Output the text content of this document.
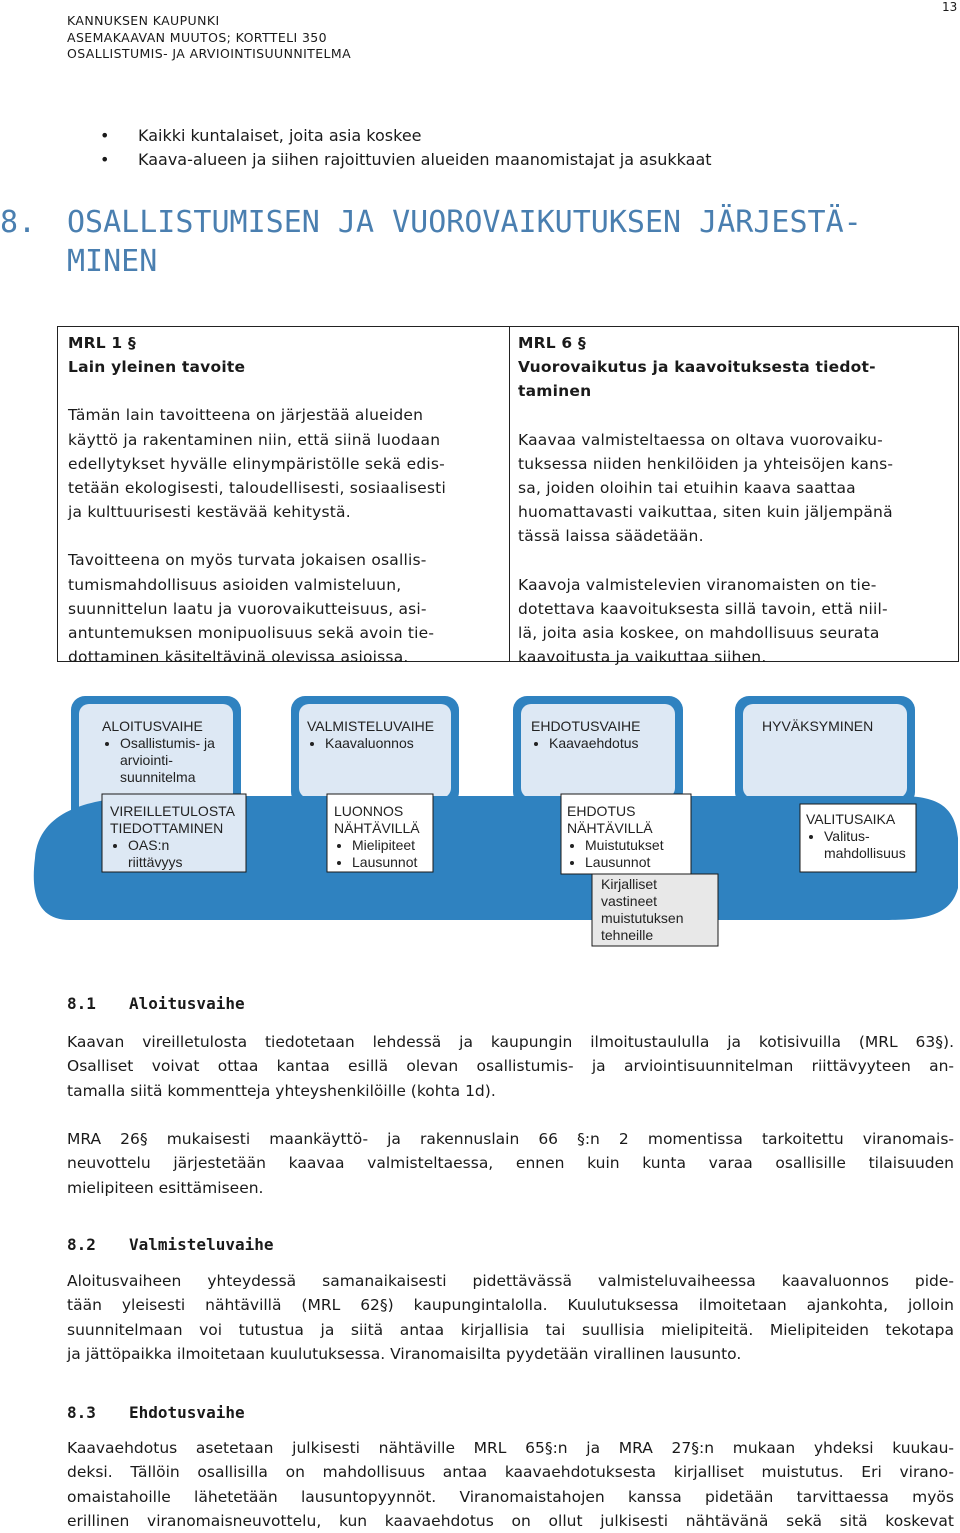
KANNUKSEN KAUPUNKI
ASEMAKAAVAN MUUTOS; KORTTELI 350
OSALLISTUMIS- JA ARVIOINTISUUNNITELMA
13
• Kaikki kuntalaiset, joita asia koskee
• Kaava-alueen ja siihen rajoittuvien alueiden maanomistajat ja asukkaat
8. OSALLISTUMISEN JA VUOROVAIKUTUKSEN JÄRJESTÄ-
MINEN
MRL 1 §
Lain yleinen tavoite
Tämän lain tavoitteena on järjestää alueiden
käyttö ja rakentaminen niin, että siinä luodaan
edellytykset hyvälle elinympäristölle sekä edis-
tetään ekologisesti, taloudellisesti, sosiaalisesti
ja kulttuurisesti kestävää kehitystä.
Tavoitteena on myös turvata jokaisen osallis-
tumismahdollisuus asioiden valmisteluun,
suunnittelun laatu ja vuorovaikutteisuus, asi-
antuntemuksen monipuolisuus sekä avoin tie-
dottaminen käsiteltävinä olevissa asioissa.
MRL 6 §
Vuorovaikutus ja kaavoituksesta tiedot-
taminen
Kaavaa valmisteltaessa on oltava vuorovaiku-
tuksessa niiden henkilöiden ja yhteisöjen kans-
sa, joiden oloihin tai etuihin kaava saattaa
huomattavasti vaikuttaa, siten kuin jäljempänä
tässä laissa säädetään.
Kaavoja valmistelevien viranomaisten on tie-
dotettava kaavoituksesta sillä tavoin, että niil-
lä, joita asia koskee, on mahdollisuus seurata
kaavoitusta ja vaikuttaa siihen.
ALOITUSVAIHE
• Osallistumis- ja arviointi-suunnitelma
VALMISTELUVAIHE
• Kaavaluonnos
EHDOTUSVAIHE
• Kaavaehdotus
HYVÄKSYMINEN
VIREILLETULOSTA
TIEDOTTAMINEN
• OAS:n riittävyys
LUONNOS
NÄHTÄVILLÄ
• Mielipiteet
• Lausunnot
EHDOTUS
NÄHTÄVILLÄ
• Muistutukset
• Lausunnot
VALITUSAIKA
• Valitus-mahdollisuus
Kirjalliset
vastineet
muistutuksen
tehneille
8.1 Aloitusvaihe
Kaavan vireilletulosta tiedotetaan lehdessä ja kaupungin ilmoitustaululla ja kotisivuilla (MRL 63§).
Osalliset voivat ottaa kantaa esillä olevan osallistumis- ja arviointisuunnitelman riittävyyteen an-
tamalla siitä kommentteja yhteyshenkilöille (kohta 1d).
MRA 26§ mukaisesti maankäyttö- ja rakennuslain 66 §:n 2 momentissa tarkoitettu viranomais-
neuvottelu järjestetään kaavaa valmisteltaessa, ennen kuin kunta varaa osallisille tilaisuuden
mielipiteen esittämiseen.
8.2 Valmisteluvaihe
Aloitusvaiheen yhteydessä samanaikaisesti pidettävässä valmisteluvaiheessa kaavaluonnos pide-
tään yleisesti nähtävillä (MRL 62§) kaupungintalolla. Kuulutuksessa ilmoitetaan ajankohta, jolloin
suunnitelmaan voi tutustua ja siitä antaa kirjallisia tai suullisia mielipiteitä. Mielipiteiden tekotapa
ja jättöpaikka ilmoitetaan kuulutuksessa. Viranomaisilta pyydetään virallinen lausunto.
8.3 Ehdotusvaihe
Kaavaehdotus asetetaan julkisesti nähtäville MRL 65§:n ja MRA 27§:n mukaan yhdeksi kuukau-
deksi. Tällöin osallisilla on mahdollisuus antaa kaavaehdotuksesta kirjalliset muistutus. Eri virano-
omaistahoille lähetetään lausuntopyynnöt. Viranomaistahojen kanssa pidetään tarvittaessa myös
erillinen viranomaisneuvottelu, kun kaavaehdotus on ollut julkisesti nähtävänä sekä sitä koskevat
